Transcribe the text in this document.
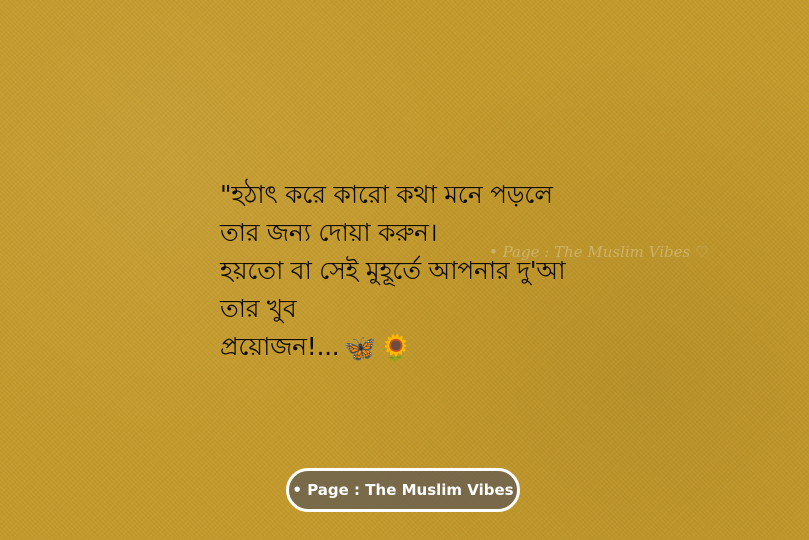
"হঠাৎ করে কারো কথা মনে পড়লে
তার জন্য দোয়া করুন।
হয়তো বা সেই মুহূর্তে আপনার দু'আ
তার খুব
প্রয়োজন!... 🦋 🌻
• Page : The Muslim Vibes ♡
• Page : The Muslim Vibes
